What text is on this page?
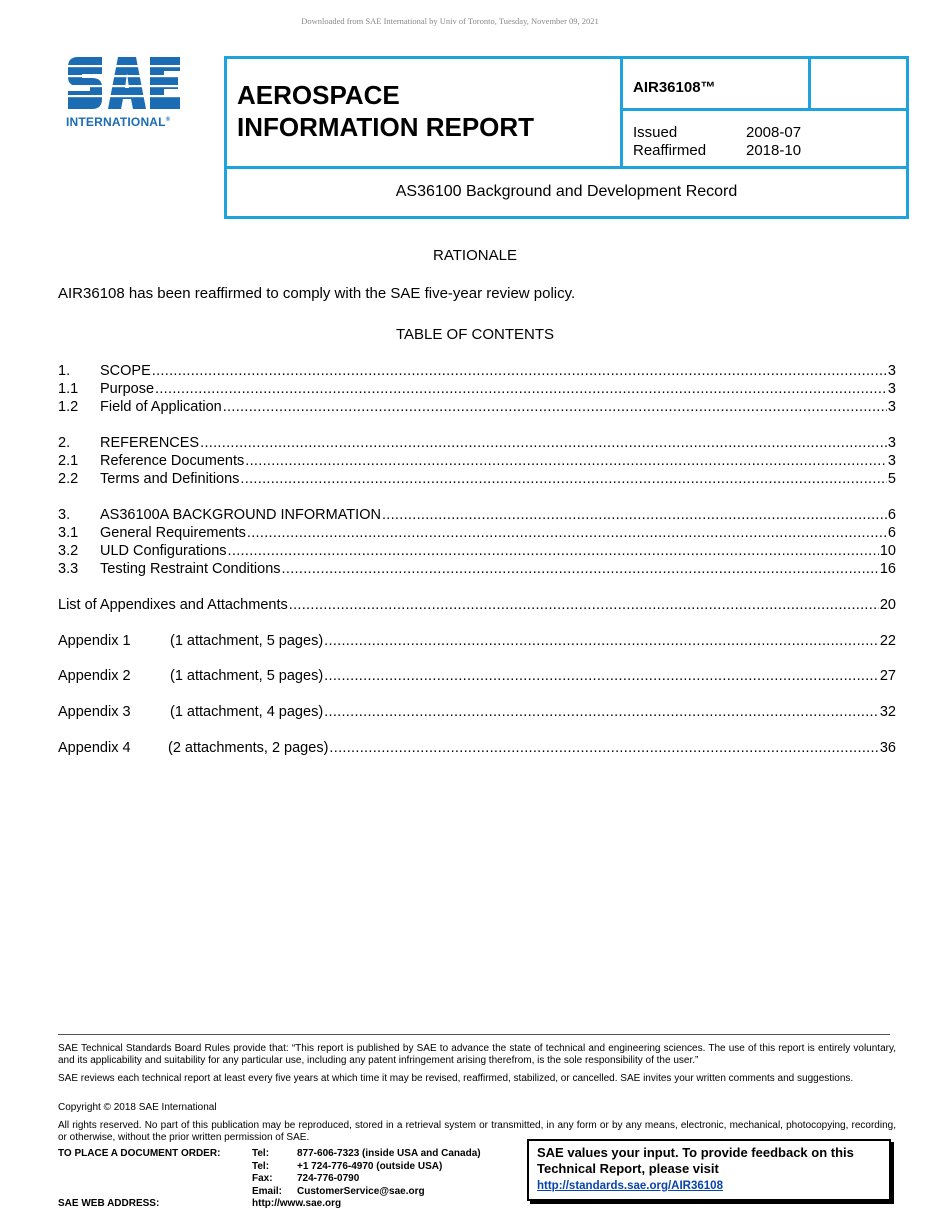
Downloaded from SAE International by Univ of Toronto, Tuesday, November 09, 2021
INTERNATIONAL®
AEROSPACE
INFORMATION REPORT
AIR36108™
Issued	2008-07
Reaffirmed	2018-10
AS36100 Background and Development Record
RATIONALE
AIR36108 has been reaffirmed to comply with the SAE five-year review policy.
TABLE OF CONTENTS
1.	SCOPE .....	3
1.1	Purpose .....	3
1.2	Field of Application .....	3
2.	REFERENCES .....	3
2.1	Reference Documents .....	3
2.2	Terms and Definitions .....	5
3.	AS36100A BACKGROUND INFORMATION .....	6
3.1	General Requirements .....	6
3.2	ULD Configurations .....	10
3.3	Testing Restraint Conditions .....	16
List of Appendixes and Attachments .....	20
Appendix 1	(1 attachment, 5 pages) .....	22
Appendix 2	(1 attachment, 5 pages) .....	27
Appendix 3	(1 attachment, 4 pages) .....	32
Appendix 4	(2 attachments, 2 pages) .....	36
SAE Technical Standards Board Rules provide that: “This report is published by SAE to advance the state of technical and engineering sciences. The use of this report is entirely voluntary, and its applicability and suitability for any particular use, including any patent infringement arising therefrom, is the sole responsibility of the user.”
SAE reviews each technical report at least every five years at which time it may be revised, reaffirmed, stabilized, or cancelled. SAE invites your written comments and suggestions.
Copyright © 2018 SAE International
All rights reserved. No part of this publication may be reproduced, stored in a retrieval system or transmitted, in any form or by any means, electronic, mechanical, photocopying, recording, or otherwise, without the prior written permission of SAE.
TO PLACE A DOCUMENT ORDER:	Tel:	877-606-7323 (inside USA and Canada)
Tel:	+1 724-776-4970 (outside USA)
Fax:	724-776-0790
Email:	CustomerService@sae.org
SAE WEB ADDRESS:	http://www.sae.org
SAE values your input. To provide feedback on this
Technical Report, please visit
http://standards.sae.org/AIR36108
